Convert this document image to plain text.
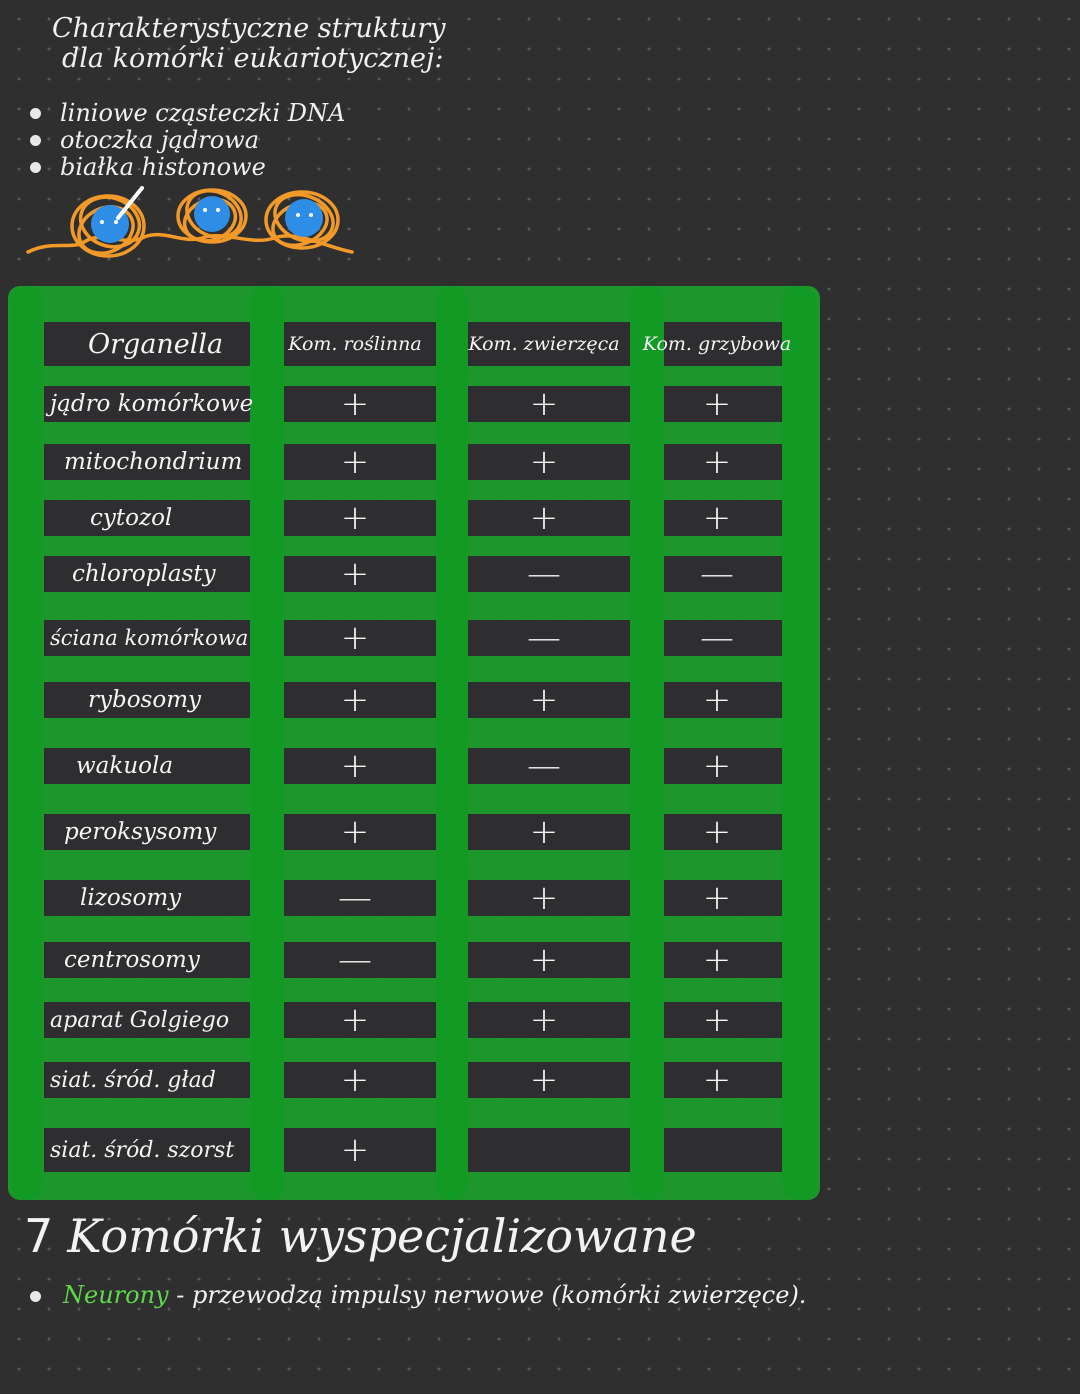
Charakterystyczne struktury
dla komórki eukariotycznej:
liniowe cząsteczki DNA
otoczka jądrowa
białka histonowe
Organella	Kom. roślinna	Kom. zwierzęca	Kom. grzybowa
jądro komórkowe	+	+	+
mitochondrium	+	+	+
cytozol	+	+	+
chloroplasty	+	—	—
ściana komórkowa	+	—	—
rybosomy	+	+	+
wakuola	+	—	+
peroksysomy	+	+	+
lizosomy	—	+	+
centrosomy	—	+	+
aparat Golgiego	+	+	+
siat. śród. gład	+	+	+
siat. śród. szorst	+
7 Komórki wyspecjalizowane
Neurony - przewodzą impulsy nerwowe (komórki zwierzęce).
